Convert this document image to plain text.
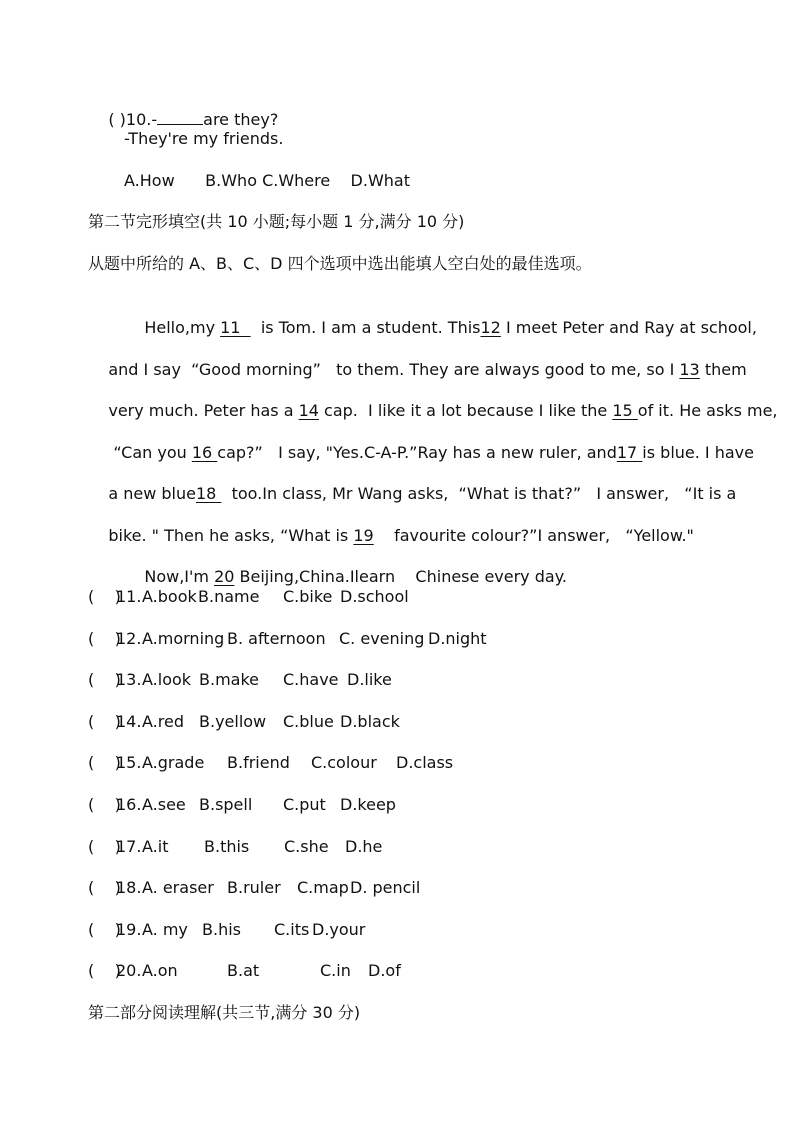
( )10.-	are they?

-They're my friends.
A.How      B.Who C.Where    D.What
第二节完形填空(共 10 小题;每小题 1 分,满分 10 分)
从题中所给的 A、B、C、D 四个选项中选出能填人空白处的最佳选项。

Hello,my 11    is Tom. I am a student. This12 I meet Peter and Ray at school,

and I say  “Good morning”   to them. They are always good to me, so I 13 them

very much. Peter has a 14 cap.  I like it a lot because I like the 15 of it. He asks me,

“Can you 16 cap?”   I say, "Yes.C-A-P.”Ray has a new ruler, and17 is blue. I have

a new blue18   too.In class, Mr Wang asks,  “What is that?”   I answer,   “It is a

bike. " Then he asks, “What is 19    favourite colour?”I answer,   “Yellow."

Now,I'm 20 Beijing,China.Ilearn    Chinese every day.

(    )

11.

A.book

B.name

C.bike

D.school

(    )

12.

A.morning

B. afternoon

C. evening

D.night

(    )

13.

A.look

B.make

C.have

D.like

(    )

14.

A.red

B.yellow

C.blue

D.black

(    )

15.

A.grade

B.friend

C.colour

D.class

(    )

16.

A.see

B.spell

C.put

D.keep

(    )

17.

A.it

B.this

C.she

D.he

(    )

18.

A. eraser

B.ruler

C.map

D. pencil

(    )

19.

A. my

B.his

C.its

D.your

(    )

20.

A.on

	B.at

	C.in

D.of

第二部分阅读理解(共三节,满分 30 分)
